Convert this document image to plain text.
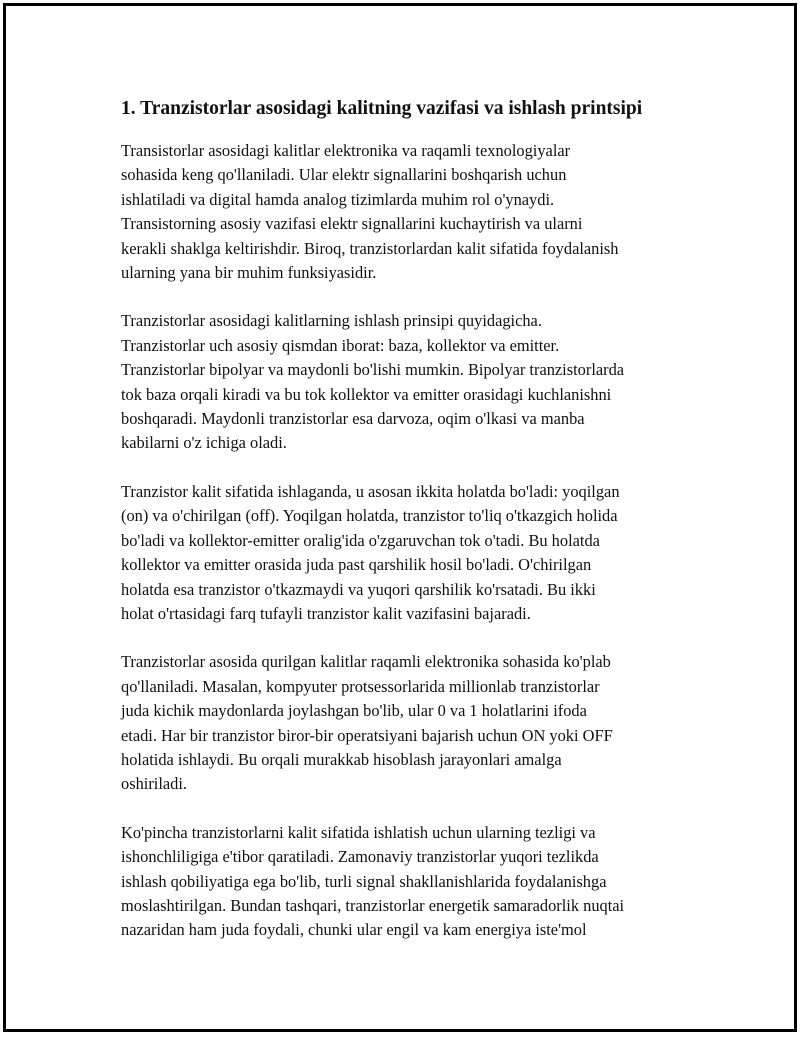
1. Tranzistorlar asosidagi kalitning vazifasi va ishlash printsipi

Transistorlar asosidagi kalitlar elektronika va raqamli texnologiyalar
sohasida keng qo'llaniladi. Ular elektr signallarini boshqarish uchun
ishlatiladi va digital hamda analog tizimlarda muhim rol o'ynaydi.
Transistorning asosiy vazifasi elektr signallarini kuchaytirish va ularni
kerakli shaklga keltirishdir. Biroq, tranzistorlardan kalit sifatida foydalanish
ularning yana bir muhim funksiyasidir.

Tranzistorlar asosidagi kalitlarning ishlash prinsipi quyidagicha.
Tranzistorlar uch asosiy qismdan iborat: baza, kollektor va emitter.
Tranzistorlar bipolyar va maydonli bo'lishi mumkin. Bipolyar tranzistorlarda
tok baza orqali kiradi va bu tok kollektor va emitter orasidagi kuchlanishni
boshqaradi. Maydonli tranzistorlar esa darvoza, oqim o'lkasi va manba
kabilarni o'z ichiga oladi.

Tranzistor kalit sifatida ishlaganda, u asosan ikkita holatda bo'ladi: yoqilgan
(on) va o'chirilgan (off). Yoqilgan holatda, tranzistor to'liq o'tkazgich holida
bo'ladi va kollektor-emitter oralig'ida o'zgaruvchan tok o'tadi. Bu holatda
kollektor va emitter orasida juda past qarshilik hosil bo'ladi. O'chirilgan
holatda esa tranzistor o'tkazmaydi va yuqori qarshilik ko'rsatadi. Bu ikki
holat o'rtasidagi farq tufayli tranzistor kalit vazifasini bajaradi.

Tranzistorlar asosida qurilgan kalitlar raqamli elektronika sohasida ko'plab
qo'llaniladi. Masalan, kompyuter protsessorlarida millionlab tranzistorlar
juda kichik maydonlarda joylashgan bo'lib, ular 0 va 1 holatlarini ifoda
etadi. Har bir tranzistor biror-bir operatsiyani bajarish uchun ON yoki OFF
holatida ishlaydi. Bu orqali murakkab hisoblash jarayonlari amalga
oshiriladi.

Ko'pincha tranzistorlarni kalit sifatida ishlatish uchun ularning tezligi va
ishonchliligiga e'tibor qaratiladi. Zamonaviy tranzistorlar yuqori tezlikda
ishlash qobiliyatiga ega bo'lib, turli signal shakllanishlarida foydalanishga
moslashtirilgan. Bundan tashqari, tranzistorlar energetik samaradorlik nuqtai
nazaridan ham juda foydali, chunki ular engil va kam energiya iste'mol
